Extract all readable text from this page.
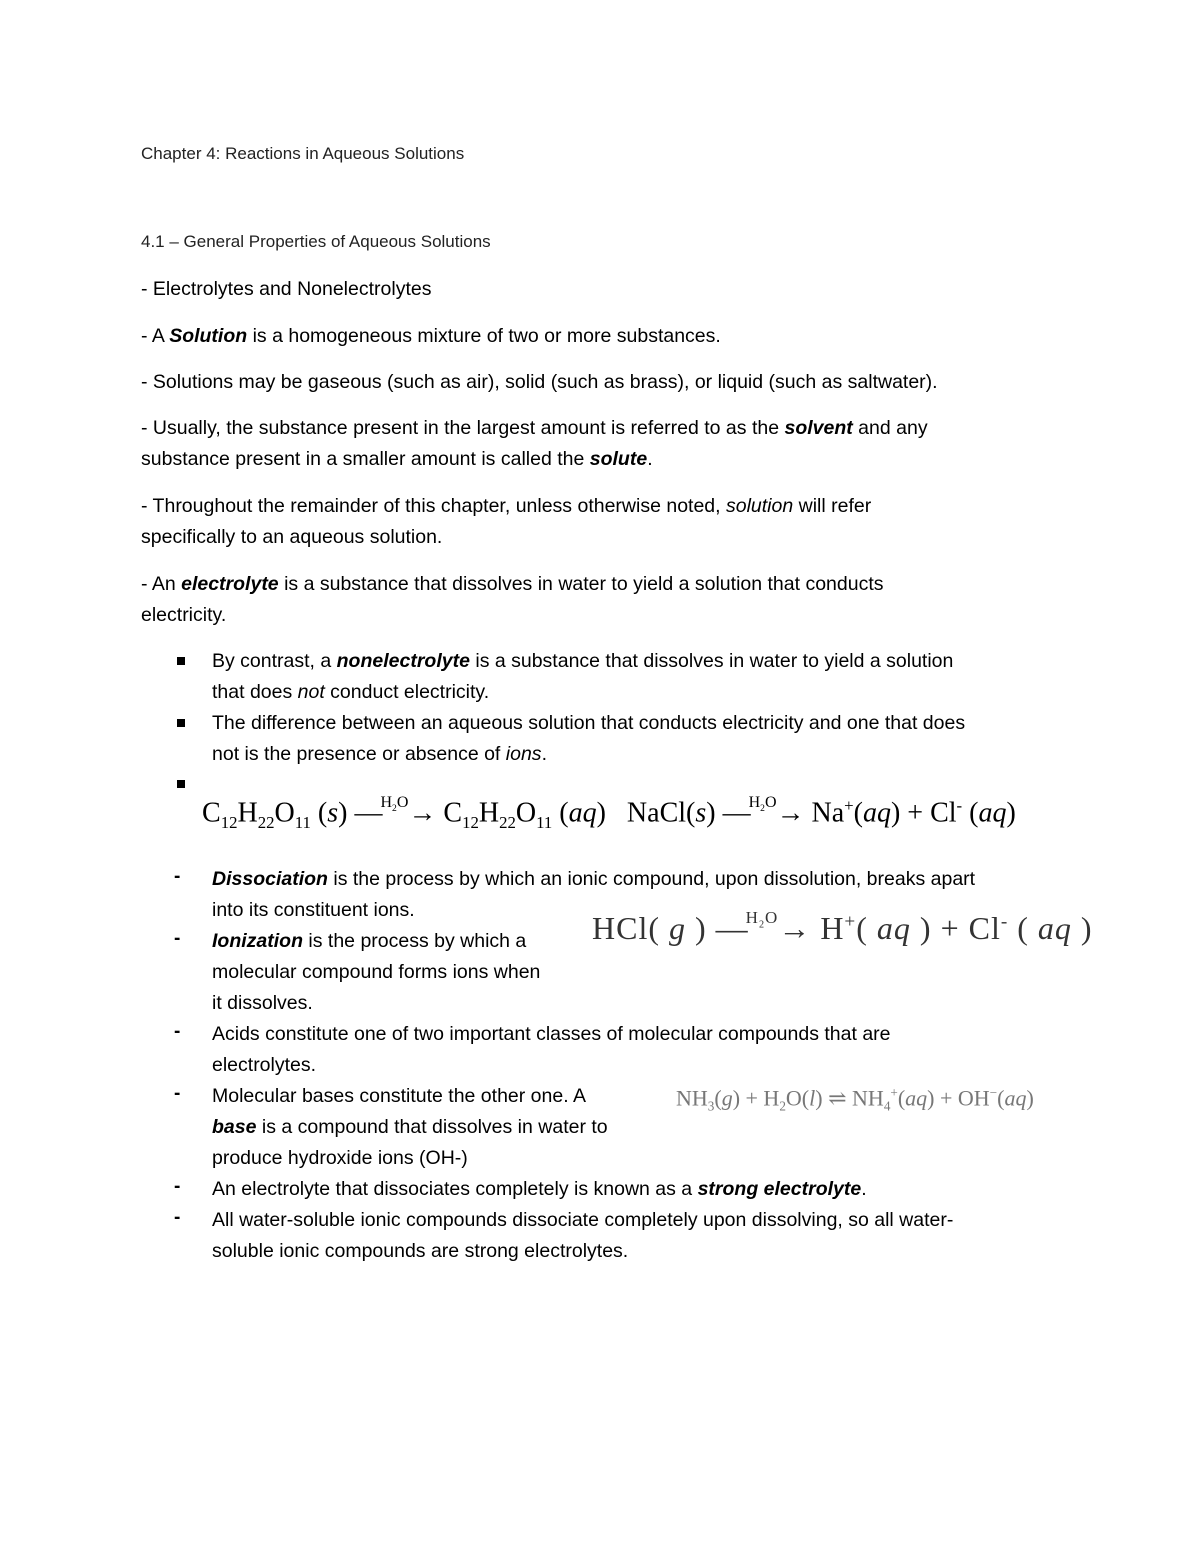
Chapter 4: Reactions in Aqueous Solutions

4.1 – General Properties of Aqueous Solutions

- Electrolytes and Nonelectrolytes
- A Solution is a homogeneous mixture of two or more substances.
- Solutions may be gaseous (such as air), solid (such as brass), or liquid (such as saltwater).
- Usually, the substance present in the largest amount is referred to as the solvent and any
substance present in a smaller amount is called the solute.
- Throughout the remainder of this chapter, unless otherwise noted, solution will refer
specifically to an aqueous solution.
- An electrolyte is a substance that dissolves in water to yield a solution that conducts
electricity.
By contrast, a nonelectrolyte is a substance that dissolves in water to yield a solution
that does not conduct electricity.
The difference between an aqueous solution that conducts electricity and one that does
not is the presence or absence of ions.
$C_{12}H_{22}O_{11}$ (s) —$^{H_2O}$→ $C_{12}H_{22}O_{11}$ (aq)   NaCl(s) —$^{H_2O}$→ Na+(aq) + Cl- (aq)
- Dissociation is the process by which an ionic compound, upon dissolution, breaks apart
into its constituent ions.
- Ionization is the process by which a
molecular compound forms ions when
it dissolves.
HCl( g ) —$^{H_2O}$→ H+( aq ) + Cl- ( aq )
- Acids constitute one of two important classes of molecular compounds that are
electrolytes.
- Molecular bases constitute the other one. A
base is a compound that dissolves in water to
produce hydroxide ions (OH-)
$NH_3(g) + H_2O(l)$ ⇌ $NH_4^+(aq) + OH^-(aq)$
- An electrolyte that dissociates completely is known as a strong electrolyte.
- All water-soluble ionic compounds dissociate completely upon dissolving, so all water-
soluble ionic compounds are strong electrolytes.
